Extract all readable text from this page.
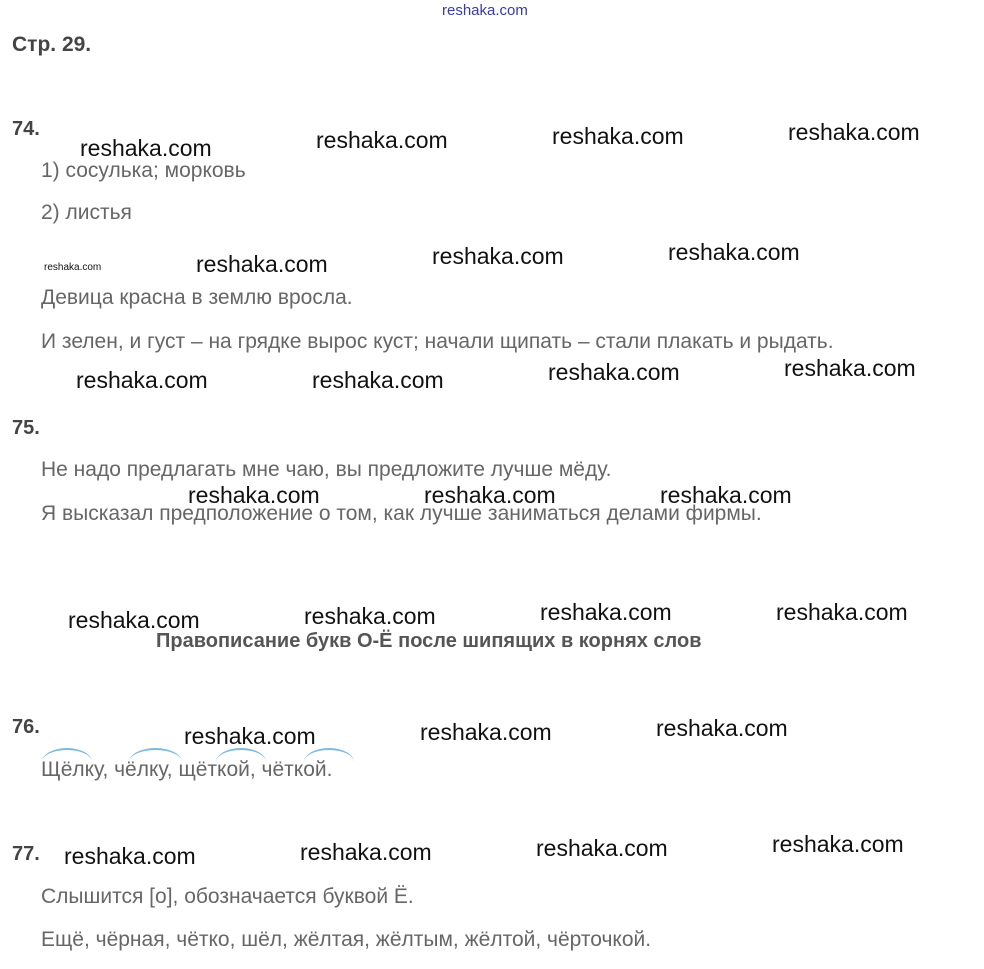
reshaka.com
Стр. 29.
74.
1) сосулька; морковь
2) листья
Девица красна в землю вросла.
И зелен, и густ – на грядке вырос куст; начали щипать – стали плакать и рыдать.
75.
Не надо предлагать мне чаю, вы предложите лучше мёду.
Я высказал предположение о том, как лучше заниматься делами фирмы.
Правописание букв О-Ё после шипящих в корнях слов
76.
Щёлку, чёлку, щёткой, чёткой.
77.
Слышится [о], обозначается буквой Ё.
Ещё, чёрная, чётко, шёл, жёлтая, жёлтым, жёлтой, чёрточкой.
reshaka.com	reshaka.com	reshaka.com	reshaka.com
reshaka.com	reshaka.com	reshaka.com	reshaka.com
reshaka.com	reshaka.com	reshaka.com	reshaka.com
reshaka.com	reshaka.com	reshaka.com
reshaka.com	reshaka.com	reshaka.com	reshaka.com
reshaka.com	reshaka.com	reshaka.com
reshaka.com	reshaka.com	reshaka.com	reshaka.com
